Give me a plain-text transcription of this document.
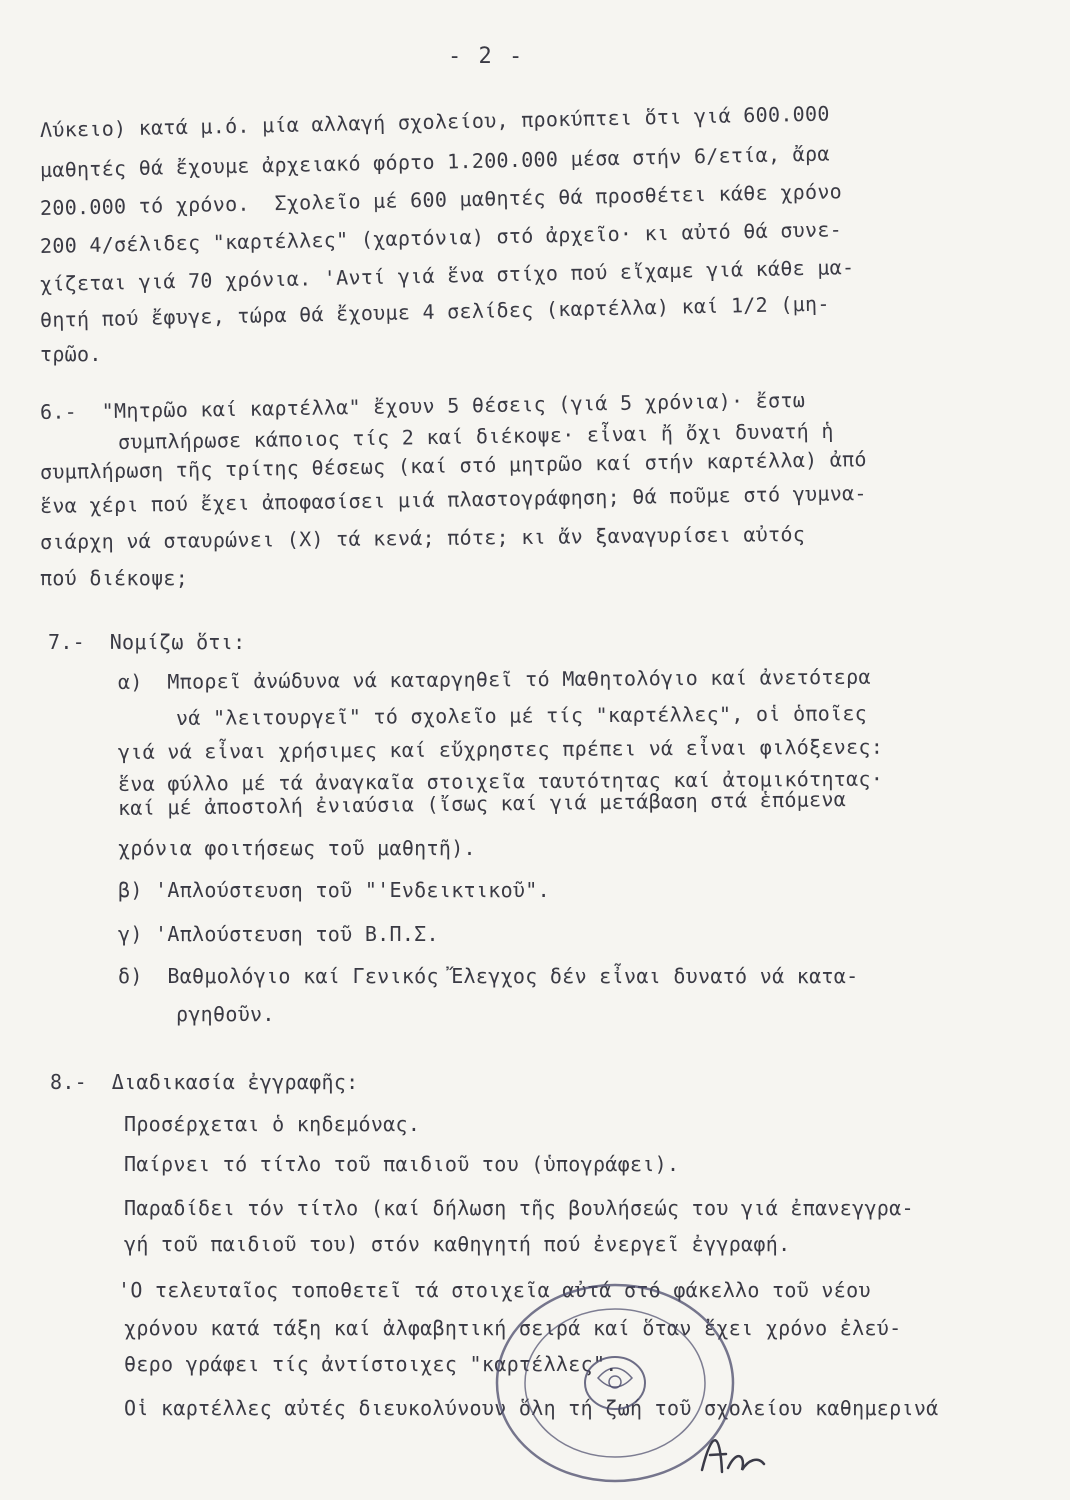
- 2 -
Λύκειο) κατά μ.ό. μία αλλαγή σχολείου, προκύπτει ὅτι γιά 600.000
μαθητές θά ἔχουμε ἀρχειακό φόρτο 1.200.000 μέσα στήν 6/ετία, ἄρα
200.000 τό χρόνο.  Σχολεῖο μέ 600 μαθητές θά προσθέτει κάθε χρόνο
200 4/σέλιδες "καρτέλλες" (χαρτόνια) στό ἀρχεῖο· κι αὐτό θά συνε-
χίζεται γιά 70 χρόνια. 'Αντί γιά ἕνα στίχο πού εἴχαμε γιά κάθε μα-
θητή πού ἔφυγε, τώρα θά ἔχουμε 4 σελίδες (καρτέλλα) καί 1/2 (μη-
τρῶο.
6.-  "Μητρῶο καί καρτέλλα" ἔχουν 5 θέσεις (γιά 5 χρόνια)· ἔστω
συμπλήρωσε κάποιος τίς 2 καί διέκοψε· εἶναι ἤ ὄχι δυνατή ἡ
συμπλήρωση τῆς τρίτης θέσεως (καί στό μητρῶο καί στήν καρτέλλα) ἀπό
ἕνα χέρι πού ἔχει ἀποφασίσει μιά πλαστογράφηση; θά ποῦμε στό γυμνα-
σιάρχη νά σταυρώνει (Χ) τά κενά; πότε; κι ἄν ξαναγυρίσει αὐτός
πού διέκοψε;
7.-  Νομίζω ὅτι:
α)  Μπορεῖ ἀνώδυνα νά καταργηθεῖ τό Μαθητολόγιο καί ἀνετότερα
νά "λειτουργεῖ" τό σχολεῖο μέ τίς "καρτέλλες", οἱ ὁποῖες
γιά νά εἶναι χρήσιμες καί εὔχρηστες πρέπει νά εἶναι φιλόξενες:
ἕνα φύλλο μέ τά ἀναγκαῖα στοιχεῖα ταυτότητας καί ἀτομικότητας·
καί μέ ἀποστολή ἐνιαύσια (ἴσως καί γιά μετάβαση στά ἑπόμενα
χρόνια φοιτήσεως τοῦ μαθητῆ).
β) 'Απλούστευση τοῦ "'Ενδεικτικοῦ".
γ) 'Απλούστευση τοῦ Β.Π.Σ.
δ)  Βαθμολόγιο καί Γενικός Ἔλεγχος δέν εἶναι δυνατό νά κατα-
ργηθοῦν.
8.-  Διαδικασία ἐγγραφῆς:
Προσέρχεται ὁ κηδεμόνας.
Παίρνει τό τίτλο τοῦ παιδιοῦ του (ὑπογράφει).
Παραδίδει τόν τίτλο (καί δήλωση τῆς βουλήσεώς του γιά ἐπανεγγρα-
γή τοῦ παιδιοῦ του) στόν καθηγητή πού ἐνεργεῖ ἐγγραφή.
'Ο τελευταῖος τοποθετεῖ τά στοιχεῖα αὐτά στό φάκελλο τοῦ νέου
χρόνου κατά τάξη καί ἀλφαβητική σειρά καί ὅταν ἔχει χρόνο ἐλεύ-
θερο γράφει τίς ἀντίστοιχες "καρτέλλες".
Οἱ καρτέλλες αὐτές διευκολύνουν ὅλη τή ζωή τοῦ σχολείου καθημερινά
